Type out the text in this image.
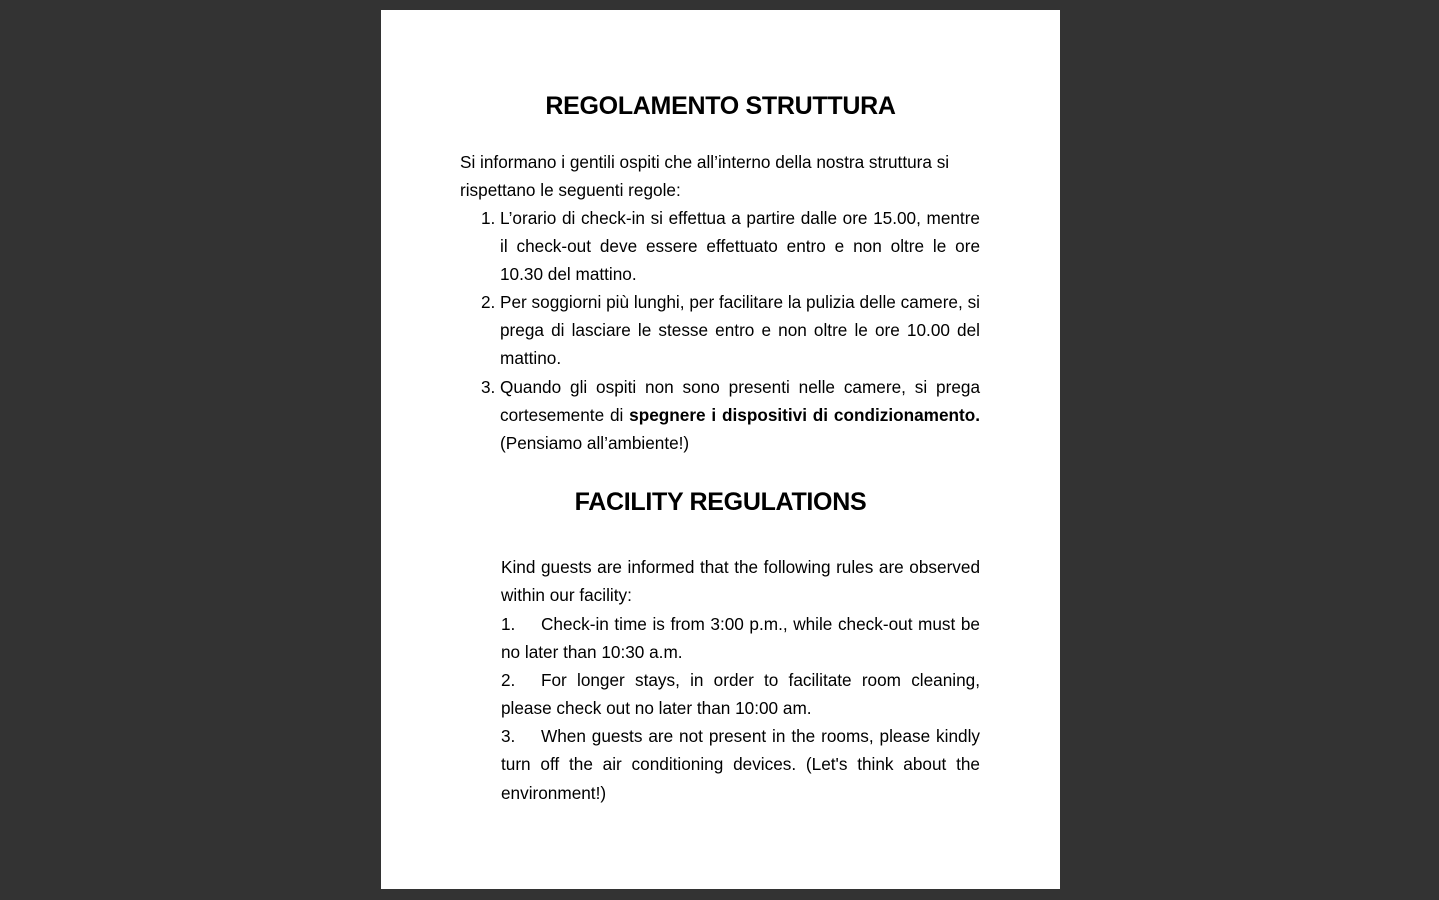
REGOLAMENTO STRUTTURA

Si informano i gentili ospiti che all’interno della nostra struttura si rispettano le seguenti regole:

1. L’orario di check-in si effettua a partire dalle ore 15.00, mentre il check-out deve essere effettuato entro e non oltre le ore 10.30 del mattino.
2. Per soggiorni più lunghi, per facilitare la pulizia delle camere, si prega di lasciare le stesse entro e non oltre le ore 10.00 del mattino.
3. Quando gli ospiti non sono presenti nelle camere, si prega cortesemente di spegnere i dispositivi di condizionamento. (Pensiamo all’ambiente!)
FACILITY REGULATIONS

Kind guests are informed that the following rules are observed within our facility:

1. Check-in time is from 3:00 p.m., while check-out must be no later than 10:30 a.m.
2. For longer stays, in order to facilitate room cleaning, please check out no later than 10:00 am.
3. When guests are not present in the rooms, please kindly turn off the air conditioning devices. (Let's think about the environment!)
